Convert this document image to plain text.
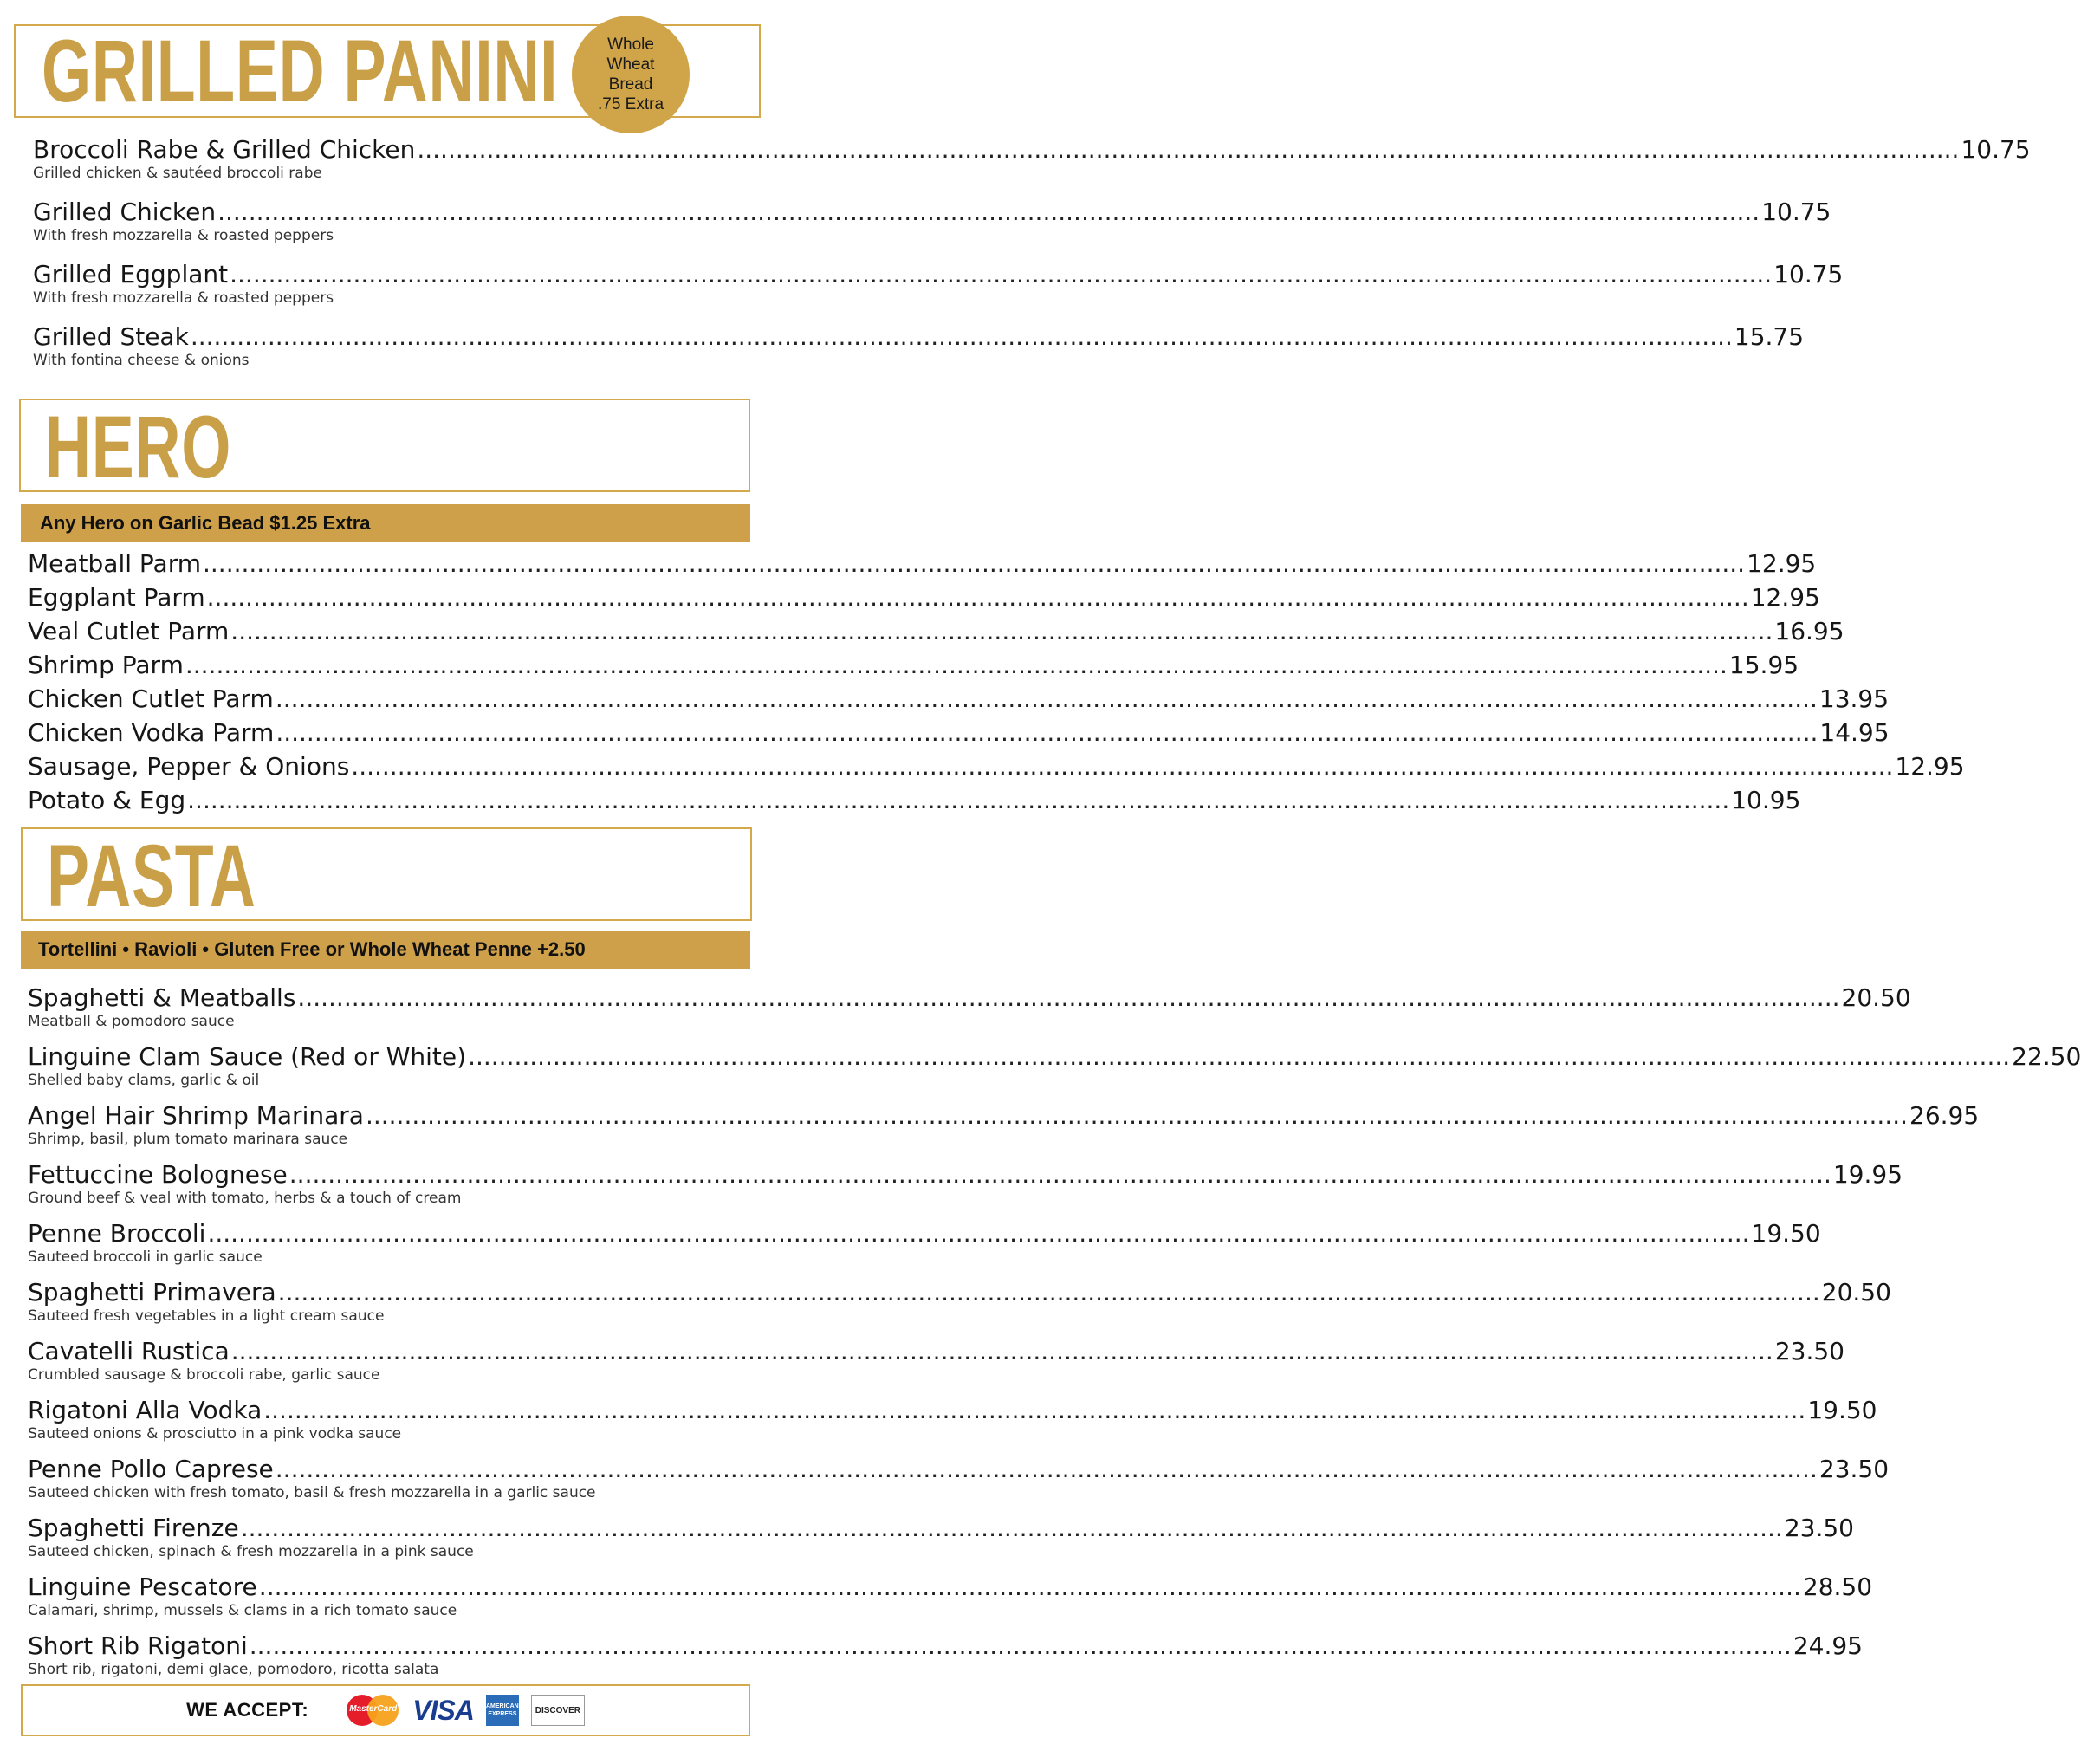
GRILLED PANINI	Whole
Wheat
Bread
.75 Extra
Broccoli Rabe & Grilled Chicken ........................................................................................................................................................................................................ 10.75
Grilled chicken & sautéed broccoli rabe
Grilled Chicken ........................................................................................................................................................................................................ 10.75
With fresh mozzarella & roasted peppers
Grilled Eggplant ........................................................................................................................................................................................................ 10.75
With fresh mozzarella & roasted peppers
Grilled Steak ........................................................................................................................................................................................................ 15.75
With fontina cheese & onions
HERO
Any Hero on Garlic Bead $1.25 Extra
Meatball Parm ........................................................................................................................................................................................................ 12.95
Eggplant Parm ........................................................................................................................................................................................................ 12.95
Veal Cutlet Parm ........................................................................................................................................................................................................ 16.95
Shrimp Parm ........................................................................................................................................................................................................ 15.95
Chicken Cutlet Parm ........................................................................................................................................................................................................ 13.95
Chicken Vodka Parm ........................................................................................................................................................................................................ 14.95
Sausage, Pepper & Onions ........................................................................................................................................................................................................ 12.95
Potato & Egg ........................................................................................................................................................................................................ 10.95
PASTA
Tortellini • Ravioli • Gluten Free or Whole Wheat Penne +2.50
Spaghetti & Meatballs ........................................................................................................................................................................................................ 20.50
Meatball & pomodoro sauce
Linguine Clam Sauce (Red or White) ........................................................................................................................................................................................................ 22.50
Shelled baby clams, garlic & oil
Angel Hair Shrimp Marinara ........................................................................................................................................................................................................ 26.95
Shrimp, basil, plum tomato marinara sauce
Fettuccine Bolognese ........................................................................................................................................................................................................ 19.95
Ground beef & veal with tomato, herbs & a touch of cream
Penne Broccoli ........................................................................................................................................................................................................ 19.50
Sauteed broccoli in garlic sauce
Spaghetti Primavera ........................................................................................................................................................................................................ 20.50
Sauteed fresh vegetables in a light cream sauce
Cavatelli Rustica ........................................................................................................................................................................................................ 23.50
Crumbled sausage & broccoli rabe, garlic sauce
Rigatoni Alla Vodka ........................................................................................................................................................................................................ 19.50
Sauteed onions & prosciutto in a pink vodka sauce
Penne Pollo Caprese ........................................................................................................................................................................................................ 23.50
Sauteed chicken with fresh tomato, basil & fresh mozzarella in a garlic sauce
Spaghetti Firenze ........................................................................................................................................................................................................ 23.50
Sauteed chicken, spinach & fresh mozzarella in a pink sauce
Linguine Pescatore ........................................................................................................................................................................................................ 28.50
Calamari, shrimp, mussels & clams in a rich tomato sauce
Short Rib Rigatoni ........................................................................................................................................................................................................ 24.95
Short rib, rigatoni, demi glace, pomodoro, ricotta salata
WE ACCEPT:	MasterCard VISA AMERICAN EXPRESS	DISCOVER
